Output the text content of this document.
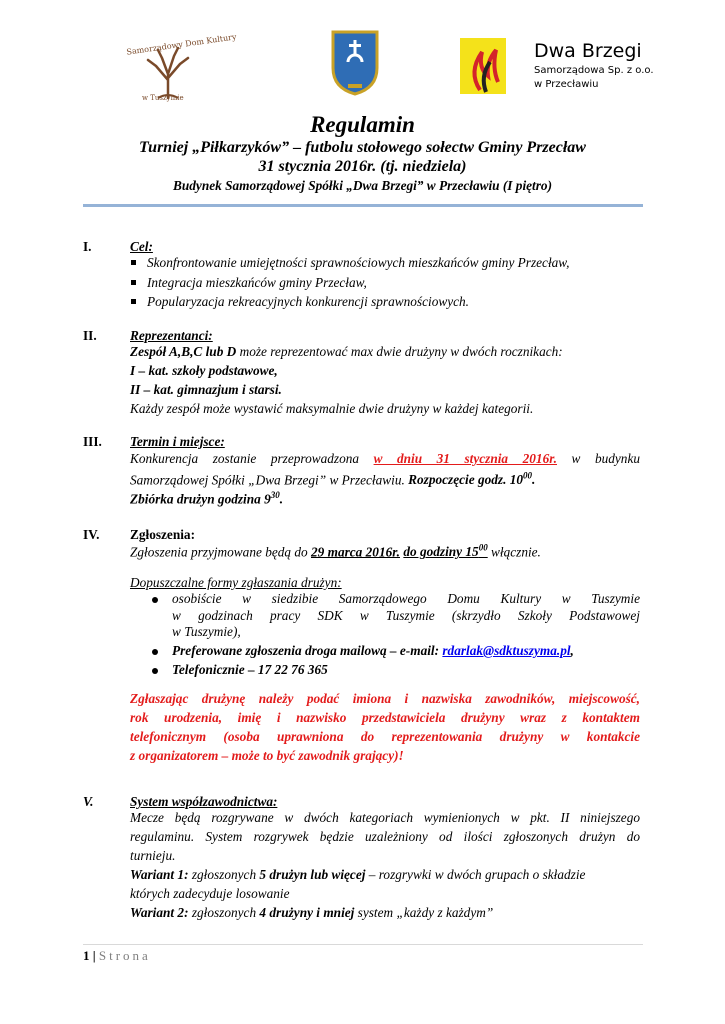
Samorządowy Dom Kultury
w Tuszymie
Dwa Brzegi
Samorządowa Sp. z o.o.
w Przecławiu
Regulamin
Turniej „Piłkarzyków” – futbolu stołowego sołectw Gminy Przecław
31 stycznia 2016r. (tj. niedziela)
Budynek Samorządowej Spółki „Dwa Brzegi” w Przecławiu (I piętro)
I.	Cel:
Skonfrontowanie umiejętności sprawnościowych mieszkańców gminy Przecław,
Integracja mieszkańców gminy Przecław,
Popularyzacja rekreacyjnych konkurencji sprawnościowych.
II.	Reprezentanci:
Zespół A,B,C lub D może reprezentować max dwie drużyny w dwóch rocznikach:
I – kat. szkoły podstawowe,
II – kat. gimnazjum i starsi.
Każdy zespół może wystawić maksymalnie dwie drużyny w każdej kategorii.
III. Termin i miejsce:
Konkurencja zostanie przeprowadzona w dniu 31 stycznia 2016r. w budynku
Samorządowej Spółki „Dwa Brzegi” w Przecławiu. Rozpoczęcie godz. $10^{00}$.
Zbiórka drużyn godzina $9^{30}$.
IV. Zgłoszenia:
Zgłoszenia przyjmowane będą do 29 marca 2016r. do godziny $15^{00}$ włącznie.
Dopuszczalne formy zgłaszania drużyn:
osobiście w siedzibie Samorządowego Domu Kultury w Tuszymie
w godzinach pracy SDK w Tuszymie (skrzydło Szkoły Podstawowej
w Tuszymie),
Preferowane zgłoszenia droga mailową – e-mail: rdarlak@sdktuszyma.pl,
Telefonicznie – 17 22 76 365
Zgłaszając drużynę należy podać imiona i nazwiska zawodników, miejscowość,
rok urodzenia, imię i nazwisko przedstawiciela drużyny wraz z kontaktem
telefonicznym (osoba uprawniona do reprezentowania drużyny w kontakcie
z organizatorem – może to być zawodnik grający)!
V.	System współzawodnictwa:
Mecze będą rozgrywane w dwóch kategoriach wymienionych w pkt. II niniejszego
regulaminu. System rozgrywek będzie uzależniony od ilości zgłoszonych drużyn do
turnieju.
Wariant 1: zgłoszonych 5 drużyn lub więcej – rozgrywki w dwóch grupach o składzie
których zadecyduje losowanie
Wariant 2: zgłoszonych 4 drużyny i mniej system „każdy z każdym”
1 | Strona
